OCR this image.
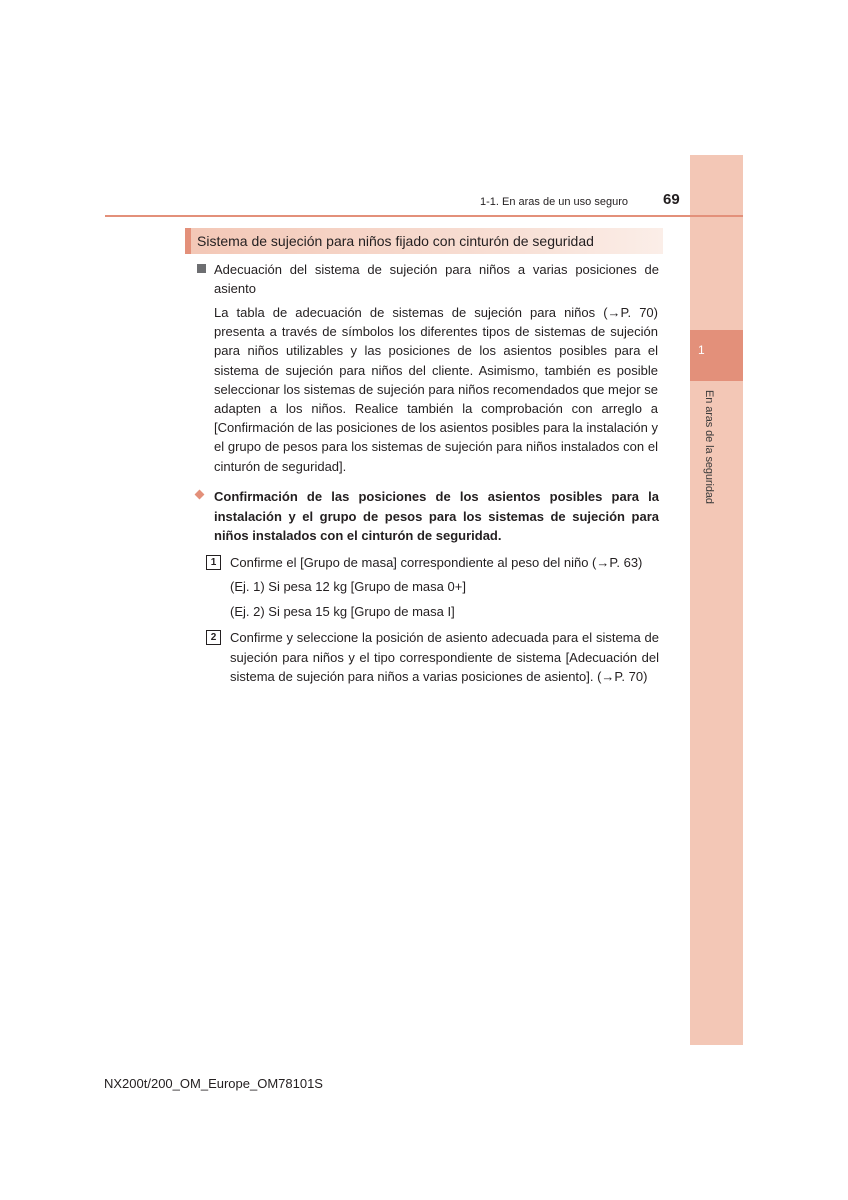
1
En aras de la seguridad
1-1. En aras de un uso seguro 69
Sistema de sujeción para niños fijado con cinturón de seguridad
Adecuación del sistema de sujeción para niños a varias posiciones de asiento
La tabla de adecuación de sistemas de sujeción para niños (→P. 70) presenta a través de símbolos los diferentes tipos de sistemas de sujeción para niños utilizables y las posiciones de los asientos posibles para el sistema de sujeción para niños del cliente. Asimismo, también es posible seleccionar los sistemas de sujeción para niños recomendados que mejor se adapten a los niños. Realice también la comprobación con arreglo a [Confirmación de las posiciones de los asientos posibles para la instalación y el grupo de pesos para los sistemas de sujeción para niños instalados con el cinturón de seguridad].
Confirmación de las posiciones de los asientos posibles para la instalación y el grupo de pesos para los sistemas de sujeción para niños instalados con el cinturón de seguridad.
1	Confirme el [Grupo de masa] correspondiente al peso del niño (→P. 63)
(Ej. 1) Si pesa 12 kg [Grupo de masa 0+]
(Ej. 2) Si pesa 15 kg [Grupo de masa I]
2	Confirme y seleccione la posición de asiento adecuada para el sistema de sujeción para niños y el tipo correspondiente de sistema [Adecuación del sistema de sujeción para niños a varias posiciones de asiento]. (→P. 70)
NX200t/200_OM_Europe_OM78101S
